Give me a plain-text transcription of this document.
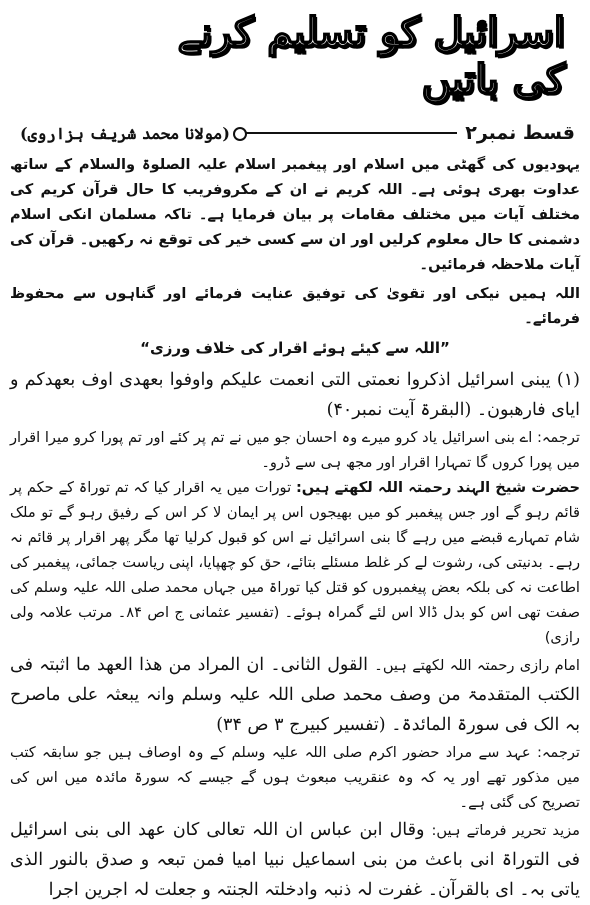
اسرائیل کو تسلیم کرنے کی باتیں
قسط نمبر۲
(مولانا محمد شریف ہزاروی)

یہودیوں کی گھٹی میں اسلام اور پیغمبر اسلام علیہ الصلوۃ والسلام کے ساتھ عداوت بھری ہوئی ہے۔ اللہ کریم نے ان کے مکروفریب کا حال قرآن کریم کی مختلف آیات میں مختلف مقامات پر بیان فرمایا ہے۔ تاکہ مسلمان انکی اسلام دشمنی کا حال معلوم کرلیں اور ان سے کسی خیر کی توقع نہ رکھیں۔ قرآن کی آیات ملاحظہ فرمائیں۔

اللہ ہمیں نیکی اور تقویٰ کی توفیق عنایت فرمائے اور گناہوں سے محفوظ فرمائے۔

”اللہ سے کیئے ہوئے اقرار کی خلاف ورزی“

(۱) یبنی اسرائیل اذکروا نعمتی التی انعمت علیکم واوفوا بعھدی اوف بعھدکم و ایای فارھبون۔ (البقرۃ آیت نمبر۴۰)

ترجمہ: اے بنی اسرائیل یاد کرو میرے وہ احسان جو میں نے تم پر کئے اور تم پورا کرو میرا اقرار میں پورا کروں گا تمہارا اقرار اور مجھ ہی سے ڈرو۔

حضرت شیخ الہند رحمتہ اللہ لکھتے ہیں: تورات میں یہ اقرار کیا کہ تم توراۃ کے حکم پر قائم رہو گے اور جس پیغمبر کو میں بھیجوں اس پر ایمان لا کر اس کے رفیق رہو گے تو ملک شام تمہارے قبضے میں رہے گا بنی اسرائیل نے اس کو قبول کرلیا تھا مگر پھر اقرار پر قائم نہ رہے۔ بدنیتی کی، رشوت لے کر غلط مسئلے بتائے، حق کو چھپایا، اپنی ریاست جمائی، پیغمبر کی اطاعت نہ کی بلکہ بعض پیغمبروں کو قتل کیا توراۃ میں جہاں محمد صلی اللہ علیہ وسلم کی صفت تھی اس کو بدل ڈالا اس لئے گمراہ ہوئے۔ (تفسیر عثمانی ج اص ۸۴۔ مرتب علامہ ولی رازی)

امام رازی رحمتہ اللہ لکھتے ہیں۔ القول الثانی۔ ان المراد من ھذا العھد ما اثبتہ فی الکتب المتقدمۃ من وصف محمد صلی اللہ علیہ وسلم وانہ یبعثہ علی ماصرح بہ الک فی سورۃ المائدۃ۔ (تفسیر کبیرج ۳ ص ۳۴)

ترجمہ: عہد سے مراد حضور اکرم صلی اللہ علیہ وسلم کے وہ اوصاف ہیں جو سابقہ کتب میں مذکور تھے اور یہ کہ وہ عنقریب مبعوث ہوں گے جیسے کہ سورۃ مائدہ میں اس کی تصریح کی گئی ہے۔

مزید تحریر فرماتے ہیں: وقال ابن عباس ان اللہ تعالی کان عھد الی بنی اسرائیل فی التوراۃ انی باعث من بنی اسماعیل نبیا امیا فمن تبعہ و صدق بالنور الذی یاتی بہ۔ ای بالقرآن۔ غفرت لہ ذنبہ وادخلتہ الجنتہ و جعلت لہ اجرین اجرا
